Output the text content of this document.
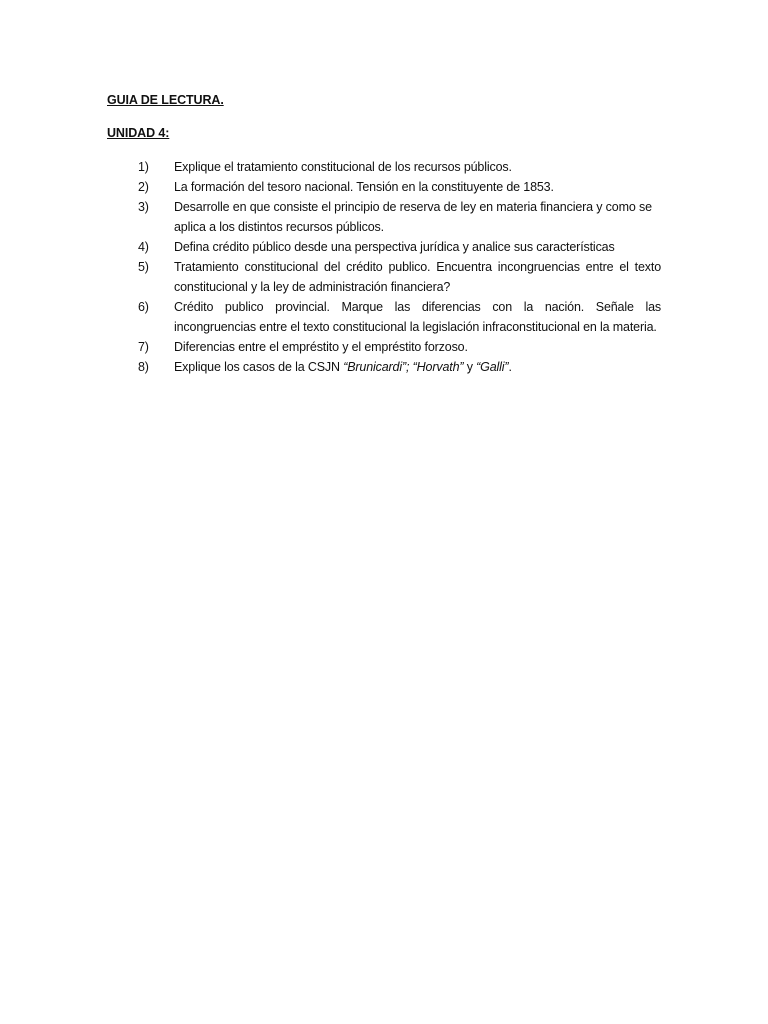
GUIA DE LECTURA.
UNIDAD 4:
1)	Explique el tratamiento constitucional de los recursos públicos.
2)	La formación del tesoro nacional. Tensión en la constituyente de 1853.
3)	Desarrolle en que consiste el principio de reserva de ley en materia financiera y como se aplica a los distintos recursos públicos.
4)	Defina crédito público desde una perspectiva jurídica y analice sus características
5)	Tratamiento constitucional del crédito publico. Encuentra incongruencias entre el texto constitucional y la ley de administración financiera?
6)	Crédito publico provincial. Marque las diferencias con la nación. Señale las incongruencias entre el texto constitucional la legislación infraconstitucional en la materia.
7)	Diferencias entre el empréstito y el empréstito forzoso.
8)	Explique los casos de la CSJN “Brunicardi”; “Horvath” y “Galli”.
